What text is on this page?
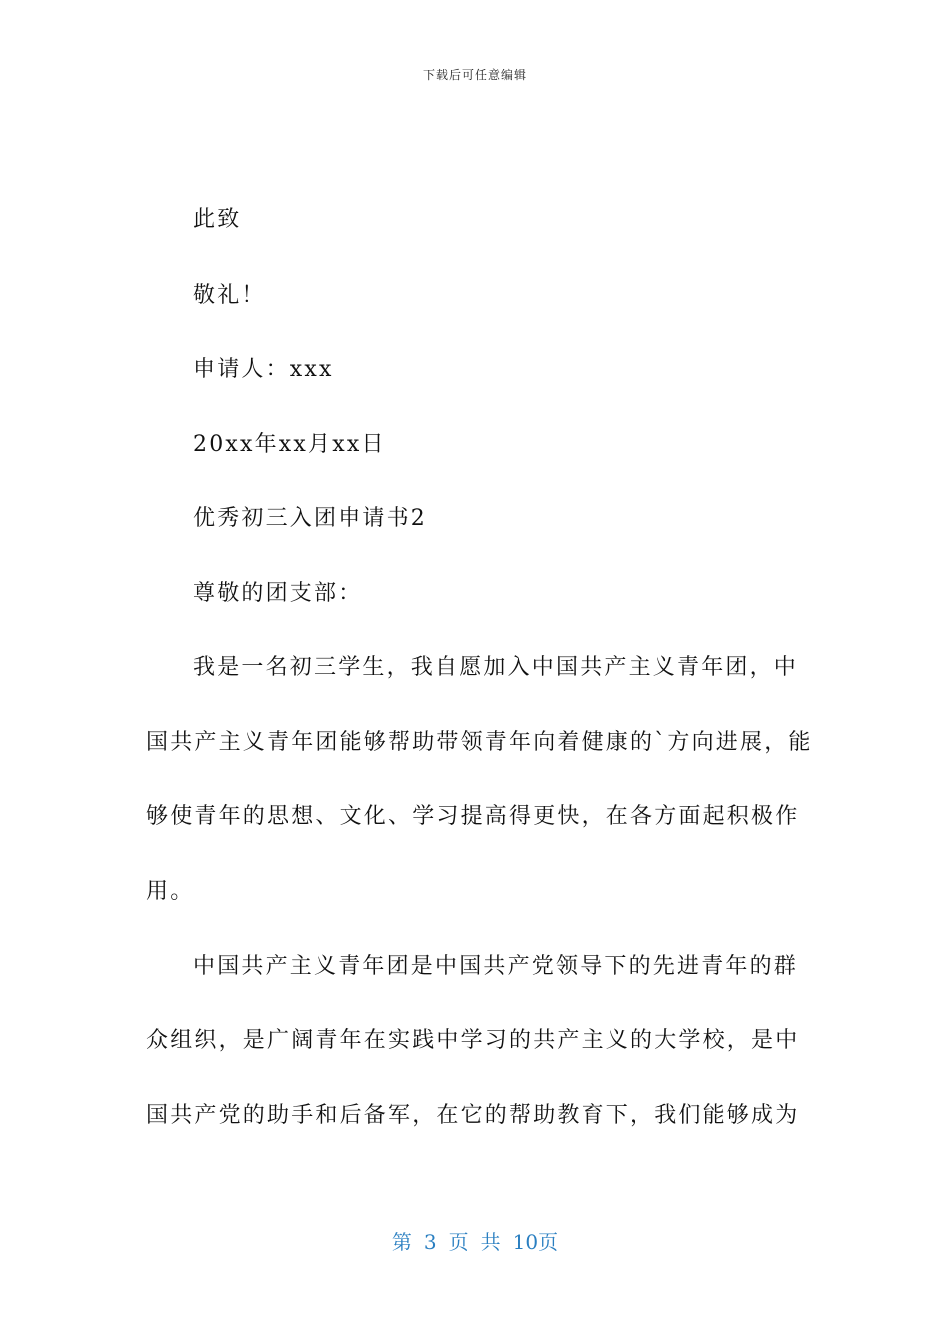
下载后可任意编辑
此致
敬礼！
申请人：xxx
20xx年xx月xx日
优秀初三入团申请书2
尊敬的团支部：
我是一名初三学生，我自愿加入中国共产主义青年团，中
国共产主义青年团能够帮助带领青年向着健康的`方向进展，能
够使青年的思想、文化、学习提高得更快，在各方面起积极作
用。
中国共产主义青年团是中国共产党领导下的先进青年的群
众组织，是广阔青年在实践中学习的共产主义的大学校，是中
国共产党的助手和后备军，在它的帮助教育下，我们能够成为
第 3 页 共 10页
